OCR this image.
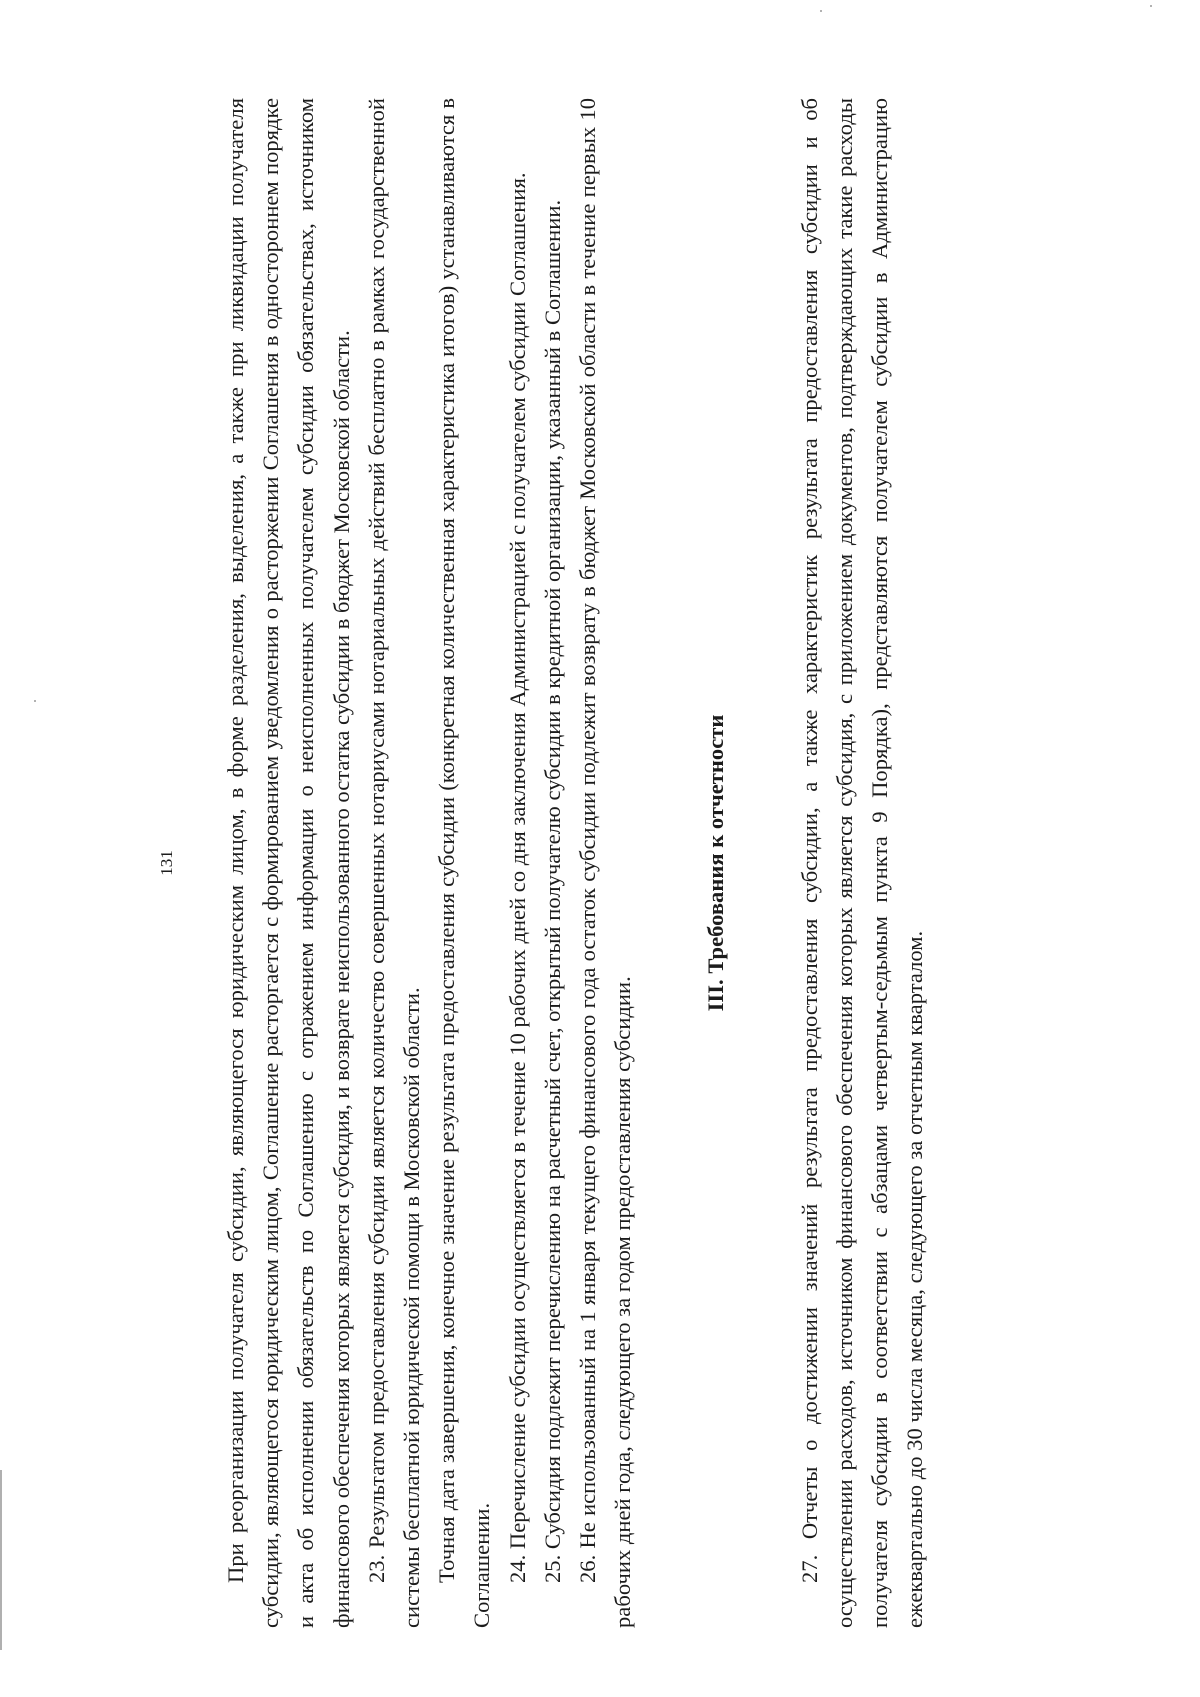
131	При реорганизации получателя субсидии, являющегося юридическим лицом, в форме разделения, выделения, а также при ликвидации получателя субсидии, являющегося юридическим лицом, Соглашение расторгается с формированием уведомления о расторжении Соглашения в одностороннем порядке и акта об исполнении обязательств по Соглашению с отражением информации о неисполненных получателем субсидии обязательствах, источником финансового обеспечения которых является субсидия, и возврате неиспользованного остатка субсидии в бюджет Московской области. 23. Результатом предоставления субсидии является количество совершенных нотариусами нотариальных действий бесплатно в рамках государственной системы бесплатной юридической помощи в Московской области. Точная дата завершения, конечное значение результата предоставления субсидии (конкретная количественная характеристика итогов) устанавливаются в Соглашении. 24. Перечисление субсидии осуществляется в течение 10 рабочих дней со дня заключения Администрацией с получателем субсидии Соглашения. 25. Субсидия подлежит перечислению на расчетный счет, открытый получателю субсидии в кредитной организации, указанный в Соглашении. 26. Не использованный на 1 января текущего финансового года остаток субсидии подлежит возврату в бюджет Московской области в течение первых 10 рабочих дней года, следующего за годом предоставления субсидии.

III. Требования к отчетности	27. Отчеты о достижении значений результата предоставления субсидии, а также характеристик результата предоставления субсидии и об осуществлении расходов, источником финансового обеспечения которых является субсидия, с приложением документов, подтверждающих такие расходы получателя субсидии в соответствии с абзацами четвертым-седьмым пункта 9 Порядка), представляются получателем субсидии в Администрацию ежеквартально до 30 числа месяца, следующего за отчетным кварталом.
